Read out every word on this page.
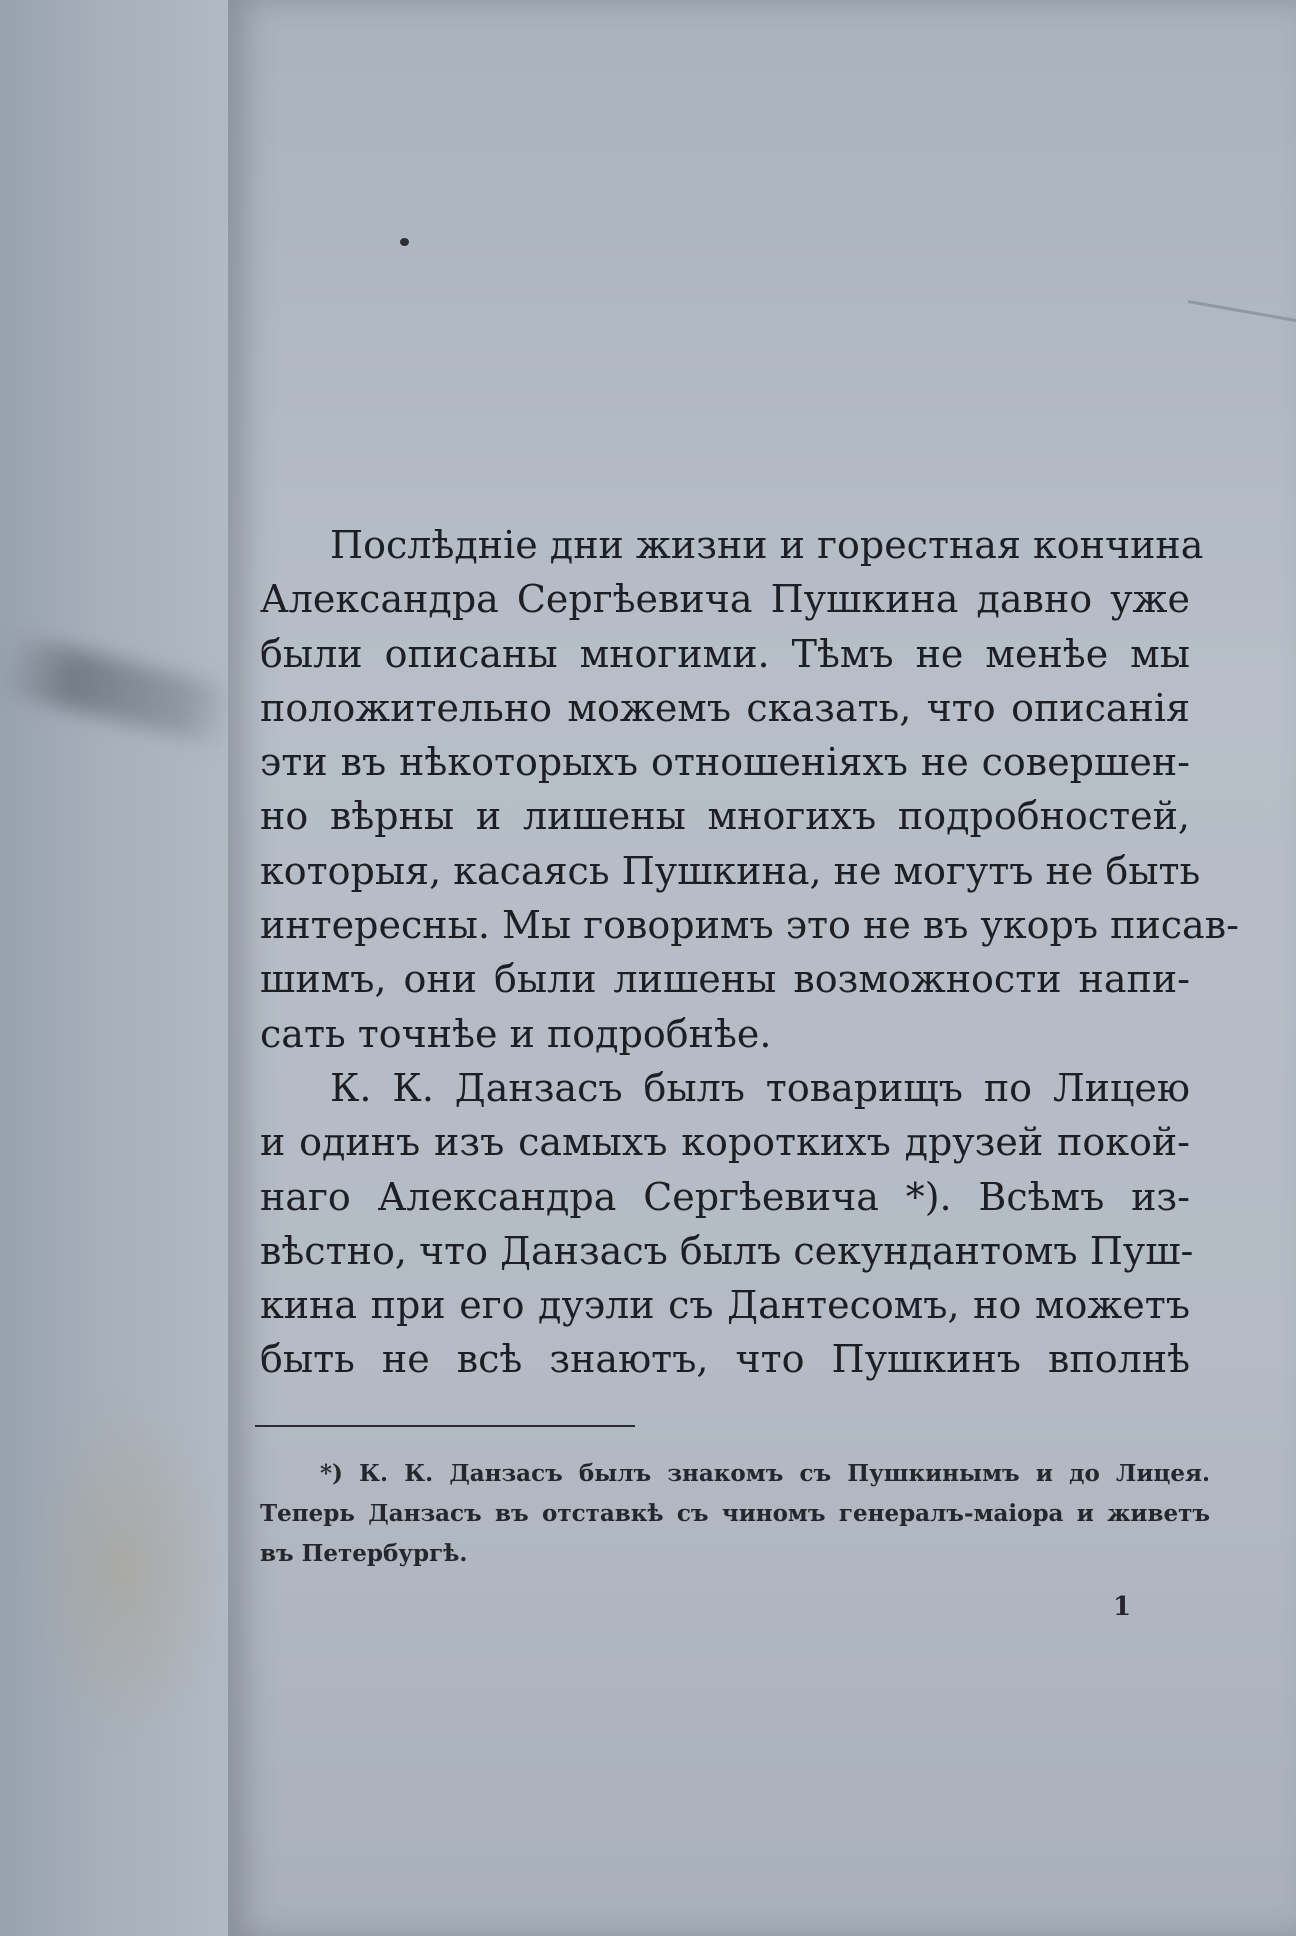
Послѣдніе дни жизни и горестная кончина
Александра Сергѣевича Пушкина давно уже
были описаны многими. Тѣмъ не менѣе мы
положительно можемъ сказать, что описанія
эти въ нѣкоторыхъ отношеніяхъ не совершен-
но вѣрны и лишены многихъ подробностей,
которыя, касаясь Пушкина, не могутъ не быть
интересны. Мы говоримъ это не въ укоръ писав-
шимъ, они были лишены возможности напи-
сать точнѣе и подробнѣе.
К. К. Данзасъ былъ товарищъ по Лицею
и одинъ изъ самыхъ короткихъ друзей покой-
наго Александра Сергѣевича *). Всѣмъ из-
вѣстно, что Данзасъ былъ секундантомъ Пуш-
кина при его дуэли съ Дантесомъ, но можетъ
быть не всѣ знаютъ, что Пушкинъ вполнѣ
*) К. К. Данзасъ былъ знакомъ съ Пушкинымъ и до Лицея.
Теперь Данзасъ въ отставкѣ съ чиномъ генералъ-маіора и живетъ
въ Петербургѣ.
1
